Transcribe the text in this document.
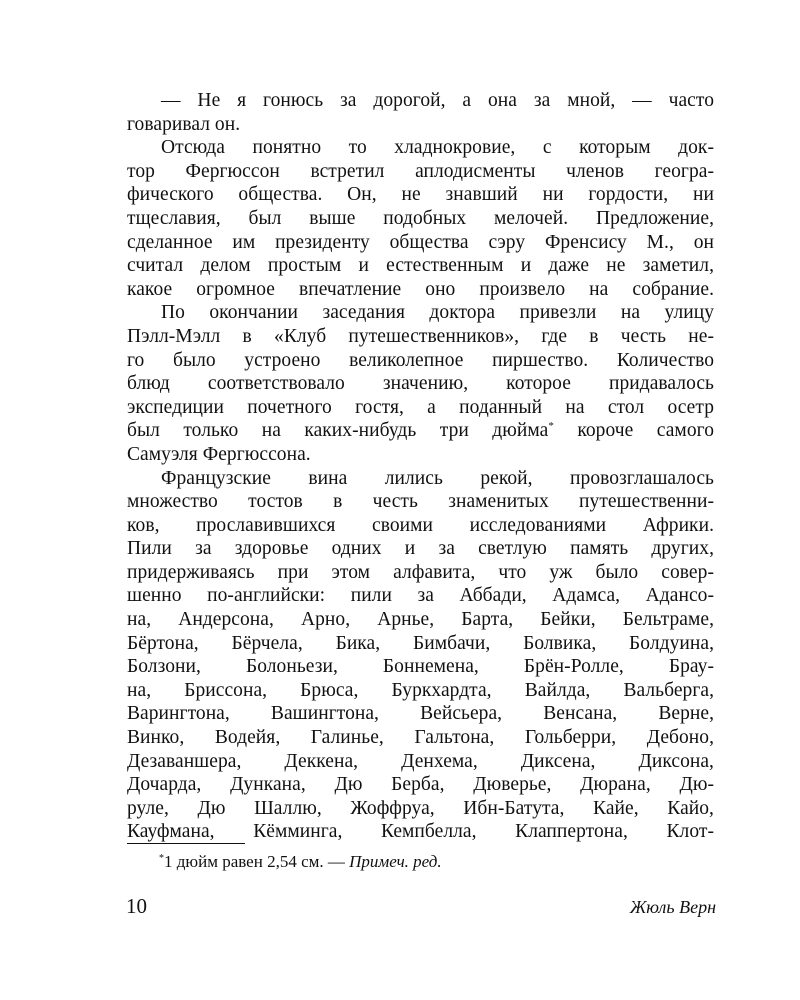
— Не я гонюсь за дорогой, а она за мной, — часто
говаривал он.
Отсюда понятно то хладнокровие, с которым док-
тор Фергюссон встретил аплодисменты членов геогра-
фического общества. Он, не знавший ни гордости, ни
тщеславия, был выше подобных мелочей. Предложение,
сделанное им президенту общества сэру Френсису М., он
считал делом простым и естественным и даже не заметил,
какое огромное впечатление оно произвело на собрание.
По окончании заседания доктора привезли на улицу
Пэлл-Мэлл в «Клуб путешественников», где в честь не-
го было устроено великолепное пиршество. Количество
блюд соответствовало значению, которое придавалось
экспедиции почетного гостя, а поданный на стол осетр
был только на каких-нибудь три дюйма* короче самого
Самуэля Фергюссона.
Французские вина лились рекой, провозглашалось
множество тостов в честь знаменитых путешественни-
ков, прославившихся своими исследованиями Африки.
Пили за здоровье одних и за светлую память других,
придерживаясь при этом алфавита, что уж было совер-
шенно по-английски: пили за Аббади, Адамса, Адансо-
на, Андерсона, Арно, Арнье, Барта, Бейки, Бельтраме,
Бёртона, Бёрчела, Бика, Бимбачи, Болвика, Болдуина,
Болзони, Болоньези, Боннемена, Брён-Ролле, Брау-
на, Бриссона, Брюса, Буркхардта, Вайлда, Вальберга,
Варингтона, Вашингтона, Вейсьера, Венсана, Верне,
Винко, Водейя, Галинье, Гальтона, Гольберри, Дебоно,
Дезаваншера, Деккена, Денхема, Диксена, Диксона,
Дочарда, Дункана, Дю Берба, Дюверье, Дюрана, Дю-
руле, Дю Шаллю, Жоффруа, Ибн-Батута, Кайе, Кайо,
Кауфмана, Кёмминга, Кемпбелла, Клаппертона, Клот-
*1 дюйм равен 2,54 см. — Примеч. ред.
10	Жюль Верн
